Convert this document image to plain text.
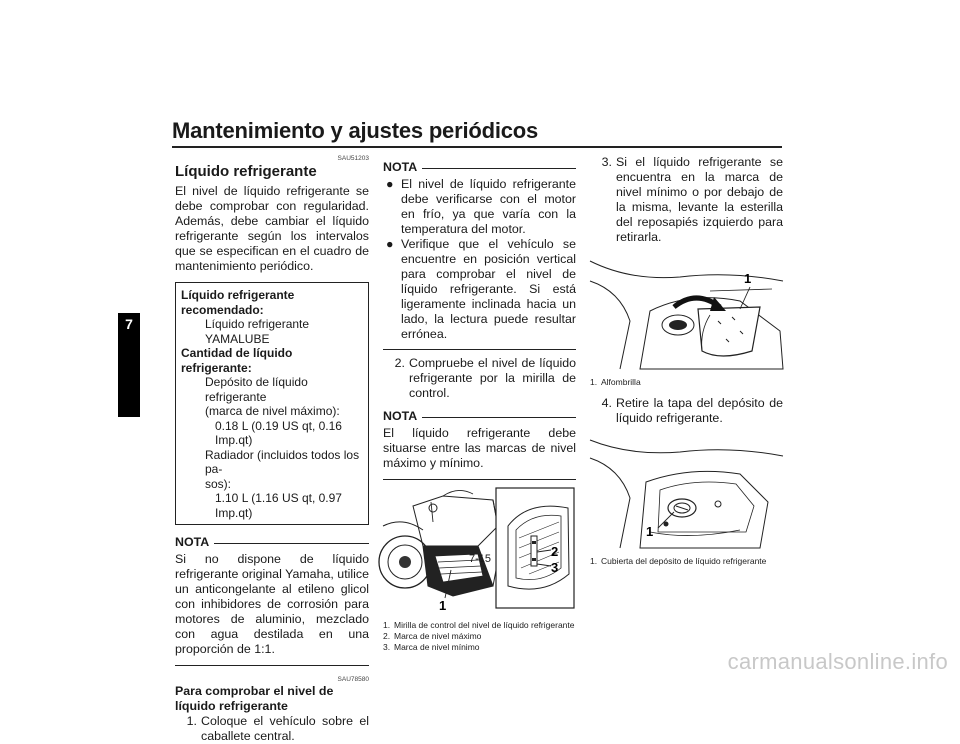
Mantenimiento y ajustes periódicos
7
SAU51203
Líquido refrigerante
El nivel de líquido refrigerante se debe comprobar con regularidad. Además, debe cambiar el líquido refrigerante según los intervalos que se especifican en el cuadro de mantenimiento periódico.
Líquido refrigerante recomendado:
Líquido refrigerante YAMALUBE
Cantidad de líquido refrigerante:
Depósito de líquido refrigerante
(marca de nivel máximo):
0.18 L (0.19 US qt, 0.16 Imp.qt)
Radiador (incluidos todos los pa-
sos):
1.10 L (1.16 US qt, 0.97 Imp.qt)
NOTA
Si no dispone de líquido refrigerante original Yamaha, utilice un anticongelante al etileno glicol con inhibidores de corrosión para motores de aluminio, mezclado con agua destilada en una proporción de 1:1.
SAU78580
Para comprobar el nivel de líquido refrigerante
1. Coloque el vehículo sobre el caballete central.
NOTA
● El nivel de líquido refrigerante debe verificarse con el motor en frío, ya que varía con la temperatura del motor.
● Verifique que el vehículo se encuentre en posición vertical para comprobar el nivel de líquido refrigerante. Si está ligeramente inclinada hacia un lado, la lectura puede resultar errónea.
2. Compruebe el nivel de líquido refrigerante por la mirilla de control.
NOTA
El líquido refrigerante debe situarse entre las marcas de nivel máximo y mínimo.
1
2
3
1. Mirilla de control del nivel de líquido refrigerante
2. Marca de nivel máximo
3. Marca de nivel mínimo
3. Si el líquido refrigerante se encuentra en la marca de nivel mínimo o por debajo de la misma, levante la esterilla del reposapiés izquierdo para retirarla.
1
1. Alfombrilla
4. Retire la tapa del depósito de líquido refrigerante.
1
1. Cubierta del depósito de líquido refrigerante
7-15
carmanualsonline.info
